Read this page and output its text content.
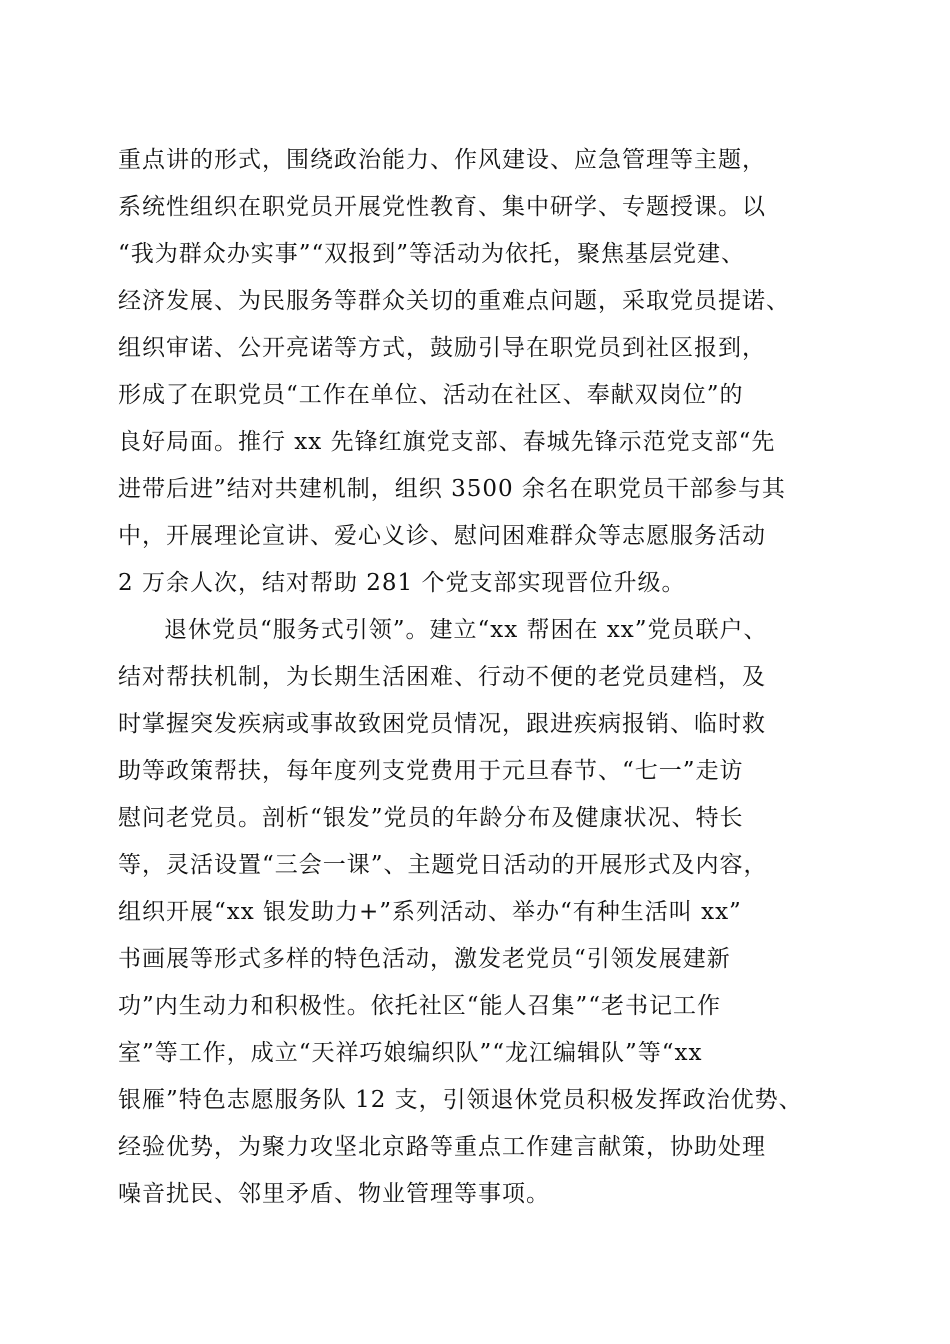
重点讲的形式，围绕政治能力、作风建设、应急管理等主题，
系统性组织在职党员开展党性教育、集中研学、专题授课。以
“我为群众办实事”“双报到”等活动为依托，聚焦基层党建、
经济发展、为民服务等群众关切的重难点问题，采取党员提诺、
组织审诺、公开亮诺等方式，鼓励引导在职党员到社区报到，
形成了在职党员“工作在单位、活动在社区、奉献双岗位”的
良好局面。推行 xx 先锋红旗党支部、春城先锋示范党支部“先
进带后进”结对共建机制，组织 3500 余名在职党员干部参与其
中，开展理论宣讲、爱心义诊、慰问困难群众等志愿服务活动
2 万余人次，结对帮助 281 个党支部实现晋位升级。
退休党员“服务式引领”。建立“xx 帮困在 xx”党员联户、
结对帮扶机制，为长期生活困难、行动不便的老党员建档，及
时掌握突发疾病或事故致困党员情况，跟进疾病报销、临时救
助等政策帮扶，每年度列支党费用于元旦春节、“七一”走访
慰问老党员。剖析“银发”党员的年龄分布及健康状况、特长
等，灵活设置“三会一课”、主题党日活动的开展形式及内容，
组织开展“xx 银发助力+”系列活动、举办“有种生活叫 xx”
书画展等形式多样的特色活动，激发老党员“引领发展建新
功”内生动力和积极性。依托社区“能人召集”“老书记工作
室”等工作，成立“天祥巧娘编织队”“龙江编辑队”等“xx
银雁”特色志愿服务队 12 支，引领退休党员积极发挥政治优势、
经验优势，为聚力攻坚北京路等重点工作建言献策，协助处理
噪音扰民、邻里矛盾、物业管理等事项。
